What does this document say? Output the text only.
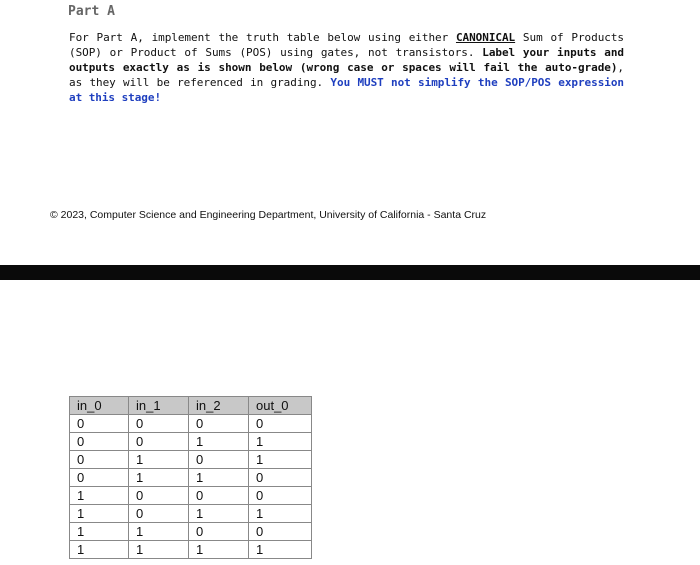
Part A

For Part A, implement the truth table below using either CANONICAL Sum of Products (SOP) or Product of Sums (POS) using gates, not transistors. Label your inputs and outputs exactly as is shown below (wrong case or spaces will fail the auto-grade), as they will be referenced in grading. You MUST not simplify the SOP/POS expression at this stage!

© 2023, Computer Science and Engineering Department, University of California - Santa Cruz
in_0	in_1	in_2	out_0
0	0	0	0
0	0	1	1
0	1	0	1
0	1	1	0
1	0	0	0
1	0	1	1
1	1	0	0
1	1	1	1
